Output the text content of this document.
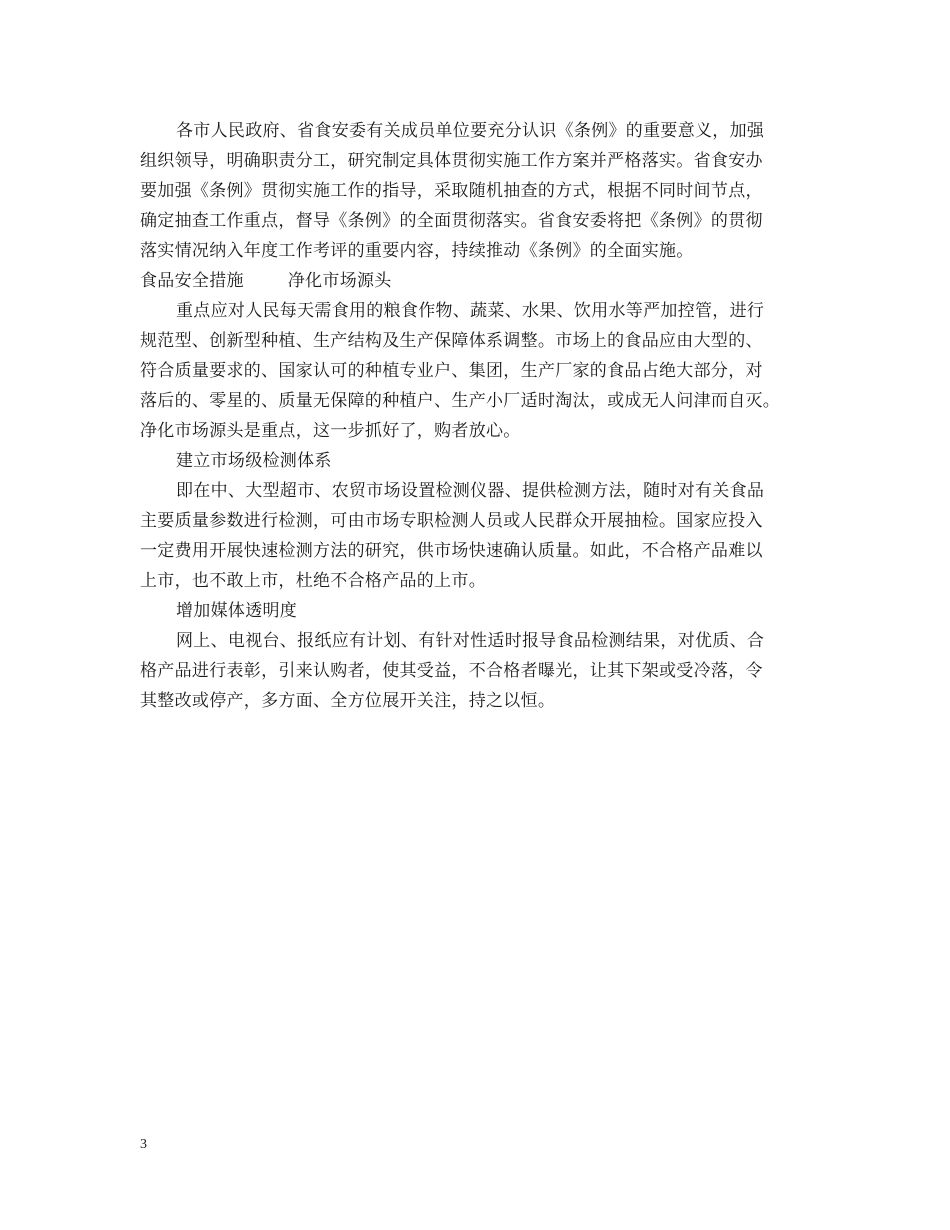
各市人民政府、省食安委有关成员单位要充分认识《条例》的重要意义，加强
组织领导，明确职责分工，研究制定具体贯彻实施工作方案并严格落实。省食安办
要加强《条例》贯彻实施工作的指导，采取随机抽查的方式，根据不同时间节点，
确定抽查工作重点，督导《条例》的全面贯彻落实。省食安委将把《条例》的贯彻
落实情况纳入年度工作考评的重要内容，持续推动《条例》的全面实施。
食品安全措施	净化市场源头
重点应对人民每天需食用的粮食作物、蔬菜、水果、饮用水等严加控管，进行
规范型、创新型种植、生产结构及生产保障体系调整。市场上的食品应由大型的、
符合质量要求的、国家认可的种植专业户、集团，生产厂家的食品占绝大部分，对
落后的、零星的、质量无保障的种植户、生产小厂适时淘汰，或成无人问津而自灭。
净化市场源头是重点，这一步抓好了，购者放心。
建立市场级检测体系
即在中、大型超市、农贸市场设置检测仪器、提供检测方法，随时对有关食品
主要质量参数进行检测，可由市场专职检测人员或人民群众开展抽检。国家应投入
一定费用开展快速检测方法的研究，供市场快速确认质量。如此，不合格产品难以
上市，也不敢上市，杜绝不合格产品的上市。
增加媒体透明度
网上、电视台、报纸应有计划、有针对性适时报导食品检测结果，对优质、合
格产品进行表彰，引来认购者，使其受益，不合格者曝光，让其下架或受冷落，令
其整改或停产，多方面、全方位展开关注，持之以恒。
3
